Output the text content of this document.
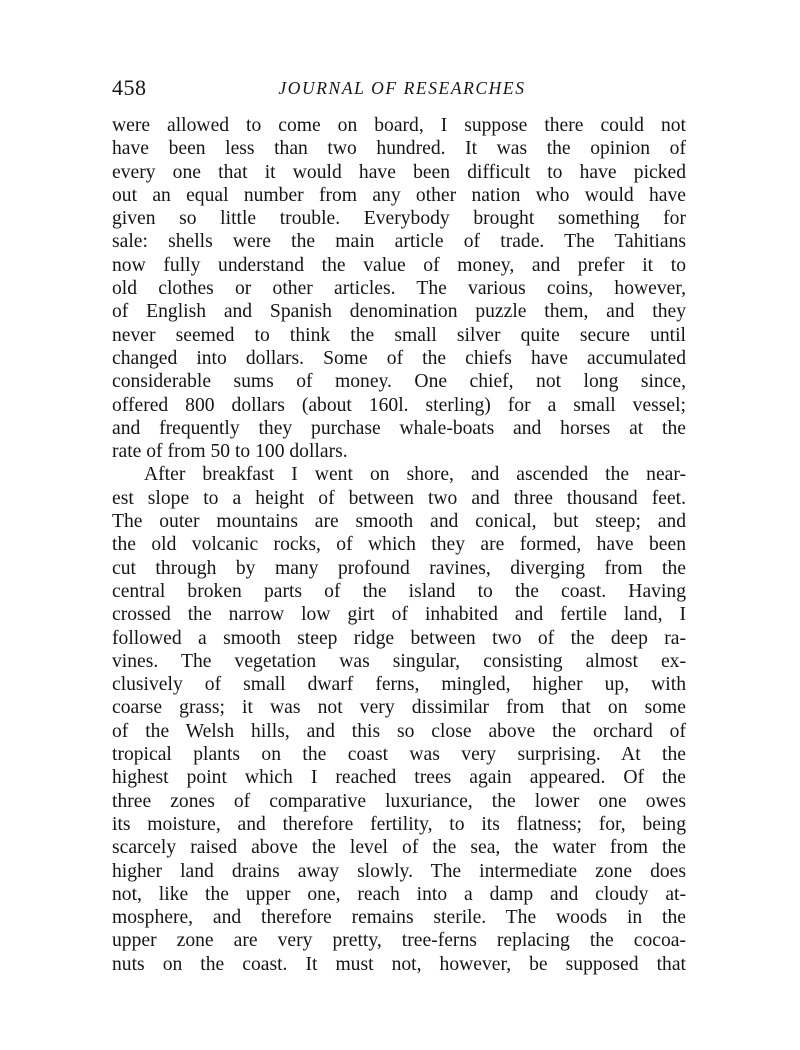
458	JOURNAL OF RESEARCHES
were allowed to come on board, I suppose there could not
have been less than two hundred. It was the opinion of
every one that it would have been difficult to have picked
out an equal number from any other nation who would have
given so little trouble. Everybody brought something for
sale: shells were the main article of trade. The Tahitians
now fully understand the value of money, and prefer it to
old clothes or other articles. The various coins, however,
of English and Spanish denomination puzzle them, and they
never seemed to think the small silver quite secure until
changed into dollars. Some of the chiefs have accumulated
considerable sums of money. One chief, not long since,
offered 800 dollars (about 160l. sterling) for a small vessel;
and frequently they purchase whale-boats and horses at the
rate of from 50 to 100 dollars.
After breakfast I went on shore, and ascended the near-
est slope to a height of between two and three thousand feet.
The outer mountains are smooth and conical, but steep; and
the old volcanic rocks, of which they are formed, have been
cut through by many profound ravines, diverging from the
central broken parts of the island to the coast. Having
crossed the narrow low girt of inhabited and fertile land, I
followed a smooth steep ridge between two of the deep ra-
vines. The vegetation was singular, consisting almost ex-
clusively of small dwarf ferns, mingled, higher up, with
coarse grass; it was not very dissimilar from that on some
of the Welsh hills, and this so close above the orchard of
tropical plants on the coast was very surprising. At the
highest point which I reached trees again appeared. Of the
three zones of comparative luxuriance, the lower one owes
its moisture, and therefore fertility, to its flatness; for, being
scarcely raised above the level of the sea, the water from the
higher land drains away slowly. The intermediate zone does
not, like the upper one, reach into a damp and cloudy at-
mosphere, and therefore remains sterile. The woods in the
upper zone are very pretty, tree-ferns replacing the cocoa-
nuts on the coast. It must not, however, be supposed that
